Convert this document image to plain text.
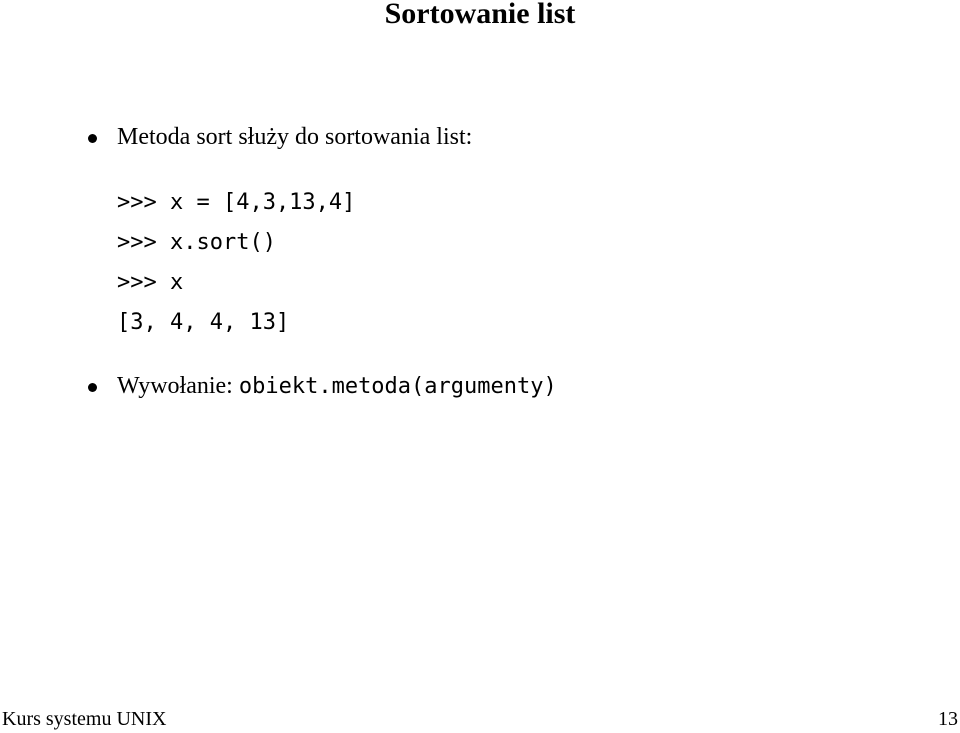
Sortowanie list
Metoda sort służy do sortowania list:
>>> x = [4,3,13,4]
>>> x.sort()
>>> x
[3, 4, 4, 13]
Wywołanie: obiekt.metoda(argumenty)
Kurs systemu UNIX	13
